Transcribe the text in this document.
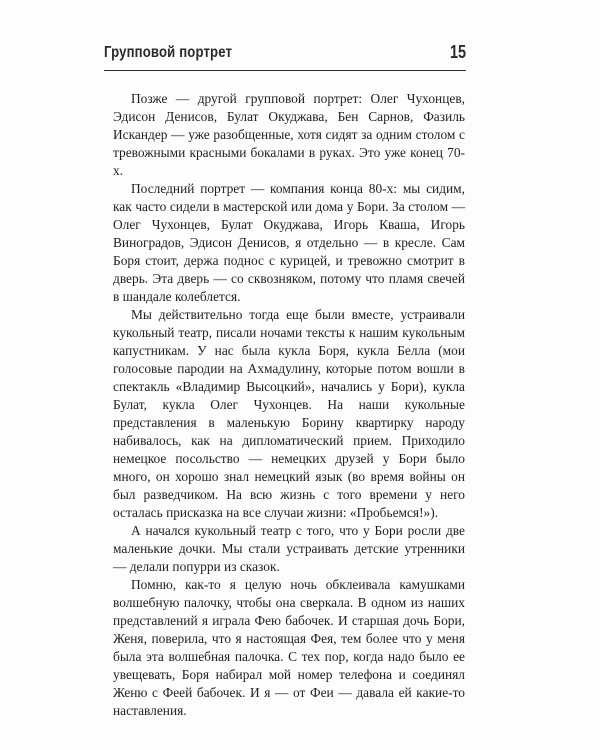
Групповой портрет	15

Позже — другой групповой портрет: Олег Чухонцев, Эдисон Денисов, Булат Окуджава, Бен Сарнов, Фазиль Искандер — уже разобщенные, хотя сидят за одним столом с тревожными красными бокалами в руках. Это уже конец 70-х.

Последний портрет — компания конца 80-х: мы сидим, как часто сидели в мастерской или дома у Бори. За столом — Олег Чухонцев, Булат Окуджава, Игорь Кваша, Игорь Виноградов, Эдисон Денисов, я отдельно — в кресле. Сам Боря стоит, держа поднос с курицей, и тревожно смотрит в дверь. Эта дверь — со сквозняком, потому что пламя свечей в шандале колеблется.

Мы действительно тогда еще были вместе, устраивали кукольный театр, писали ночами тексты к нашим кукольным капустникам. У нас была кукла Боря, кукла Белла (мои голосовые пародии на Ахмадулину, которые потом вошли в спектакль «Владимир Высоцкий», начались у Бори), кукла Булат, кукла Олег Чухонцев. На наши кукольные представления в маленькую Борину квартирку народу набивалось, как на дипломатический прием. Приходило немецкое посольство — немецких друзей у Бори было много, он хорошо знал немецкий язык (во время войны он был разведчиком. На всю жизнь с того времени у него осталась присказка на все случаи жизни: «Пробьемся!»).

А начался кукольный театр с того, что у Бори росли две маленькие дочки. Мы стали устраивать детские утренники — делали попурри из сказок.

Помню, как-то я целую ночь обклеивала камушками волшебную палочку, чтобы она сверкала. В одном из наших представлений я играла Фею бабочек. И старшая дочь Бори, Женя, поверила, что я настоящая Фея, тем более что у меня была эта волшебная палочка. С тех пор, когда надо было ее увещевать, Боря набирал мой номер телефона и соединял Женю с Феей бабочек. И я — от Феи — давала ей какие-то наставления.
